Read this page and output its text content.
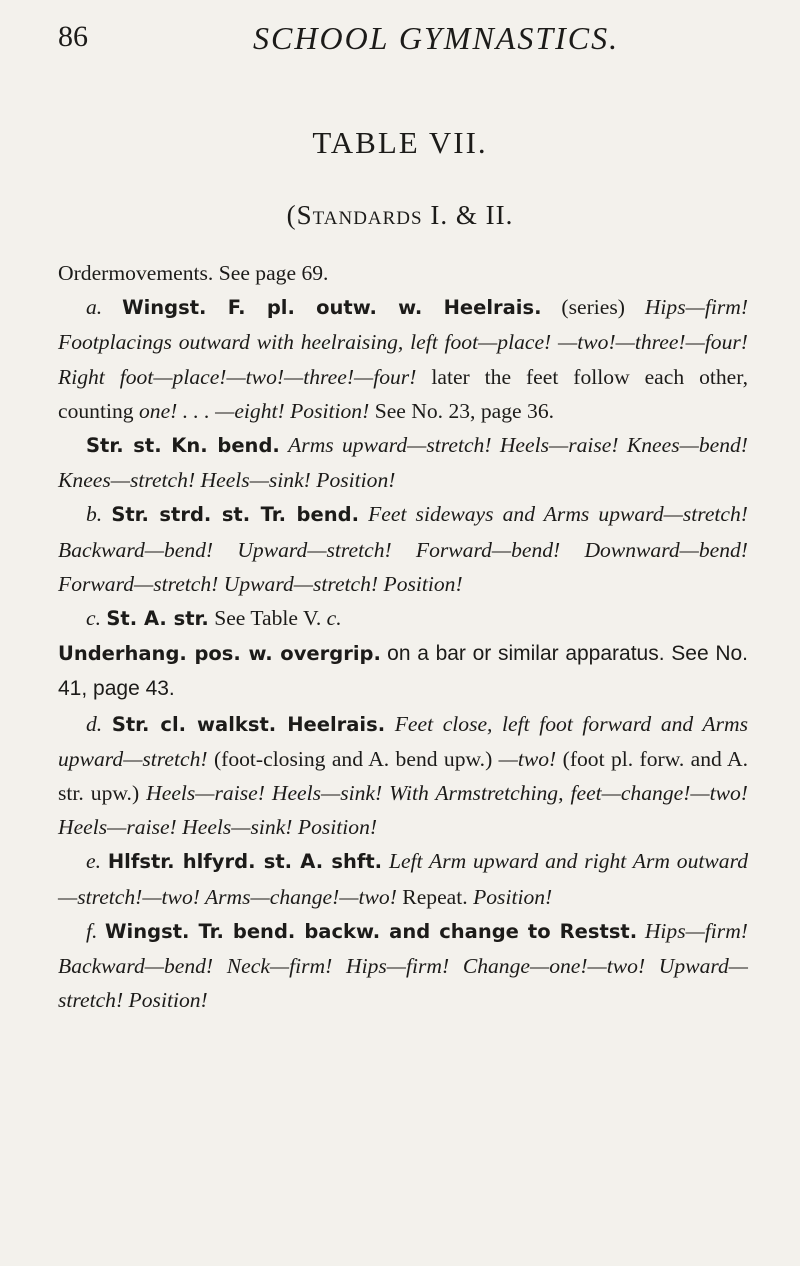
86	SCHOOL GYMNASTICS.
TABLE VII.
(Standards I. & II.

Ordermovements. See page 69.

a. Wingst. F. pl. outw. w. Heelrais. (series) Hips—firm! Footplacings outward with heelraising, left foot—place! —two!—three!—four! Right foot—place!—two!—three!—four! later the feet follow each other, counting one! . . . —eight! Position! See No. 23, page 36.

Str. st. Kn. bend. Arms upward—stretch! Heels—raise! Knees—bend! Knees—stretch! Heels—sink! Position!

b. Str. strd. st. Tr. bend. Feet sideways and Arms upward—stretch! Backward—bend! Upward—stretch! Forward—bend! Downward—bend! Forward—stretch! Upward—stretch! Position!

c. St. A. str. See Table V. c.

Underhang. pos. w. overgrip. on a bar or similar apparatus. See No. 41, page 43.

d. Str. cl. walkst. Heelrais. Feet close, left foot forward and Arms upward—stretch! (foot-closing and A. bend upw.) —two! (foot pl. forw. and A. str. upw.) Heels—raise! Heels—sink! With Armstretching, feet—change!—two! Heels—raise! Heels—sink! Position!

e. Hlfstr. hlfyrd. st. A. shft. Left Arm upward and right Arm outward—stretch!—two! Arms—change!—two! Repeat. Position!

f. Wingst. Tr. bend. backw. and change to Restst. Hips—firm! Backward—bend! Neck—firm! Hips—firm! Change—one!—two! Upward—stretch! Position!
